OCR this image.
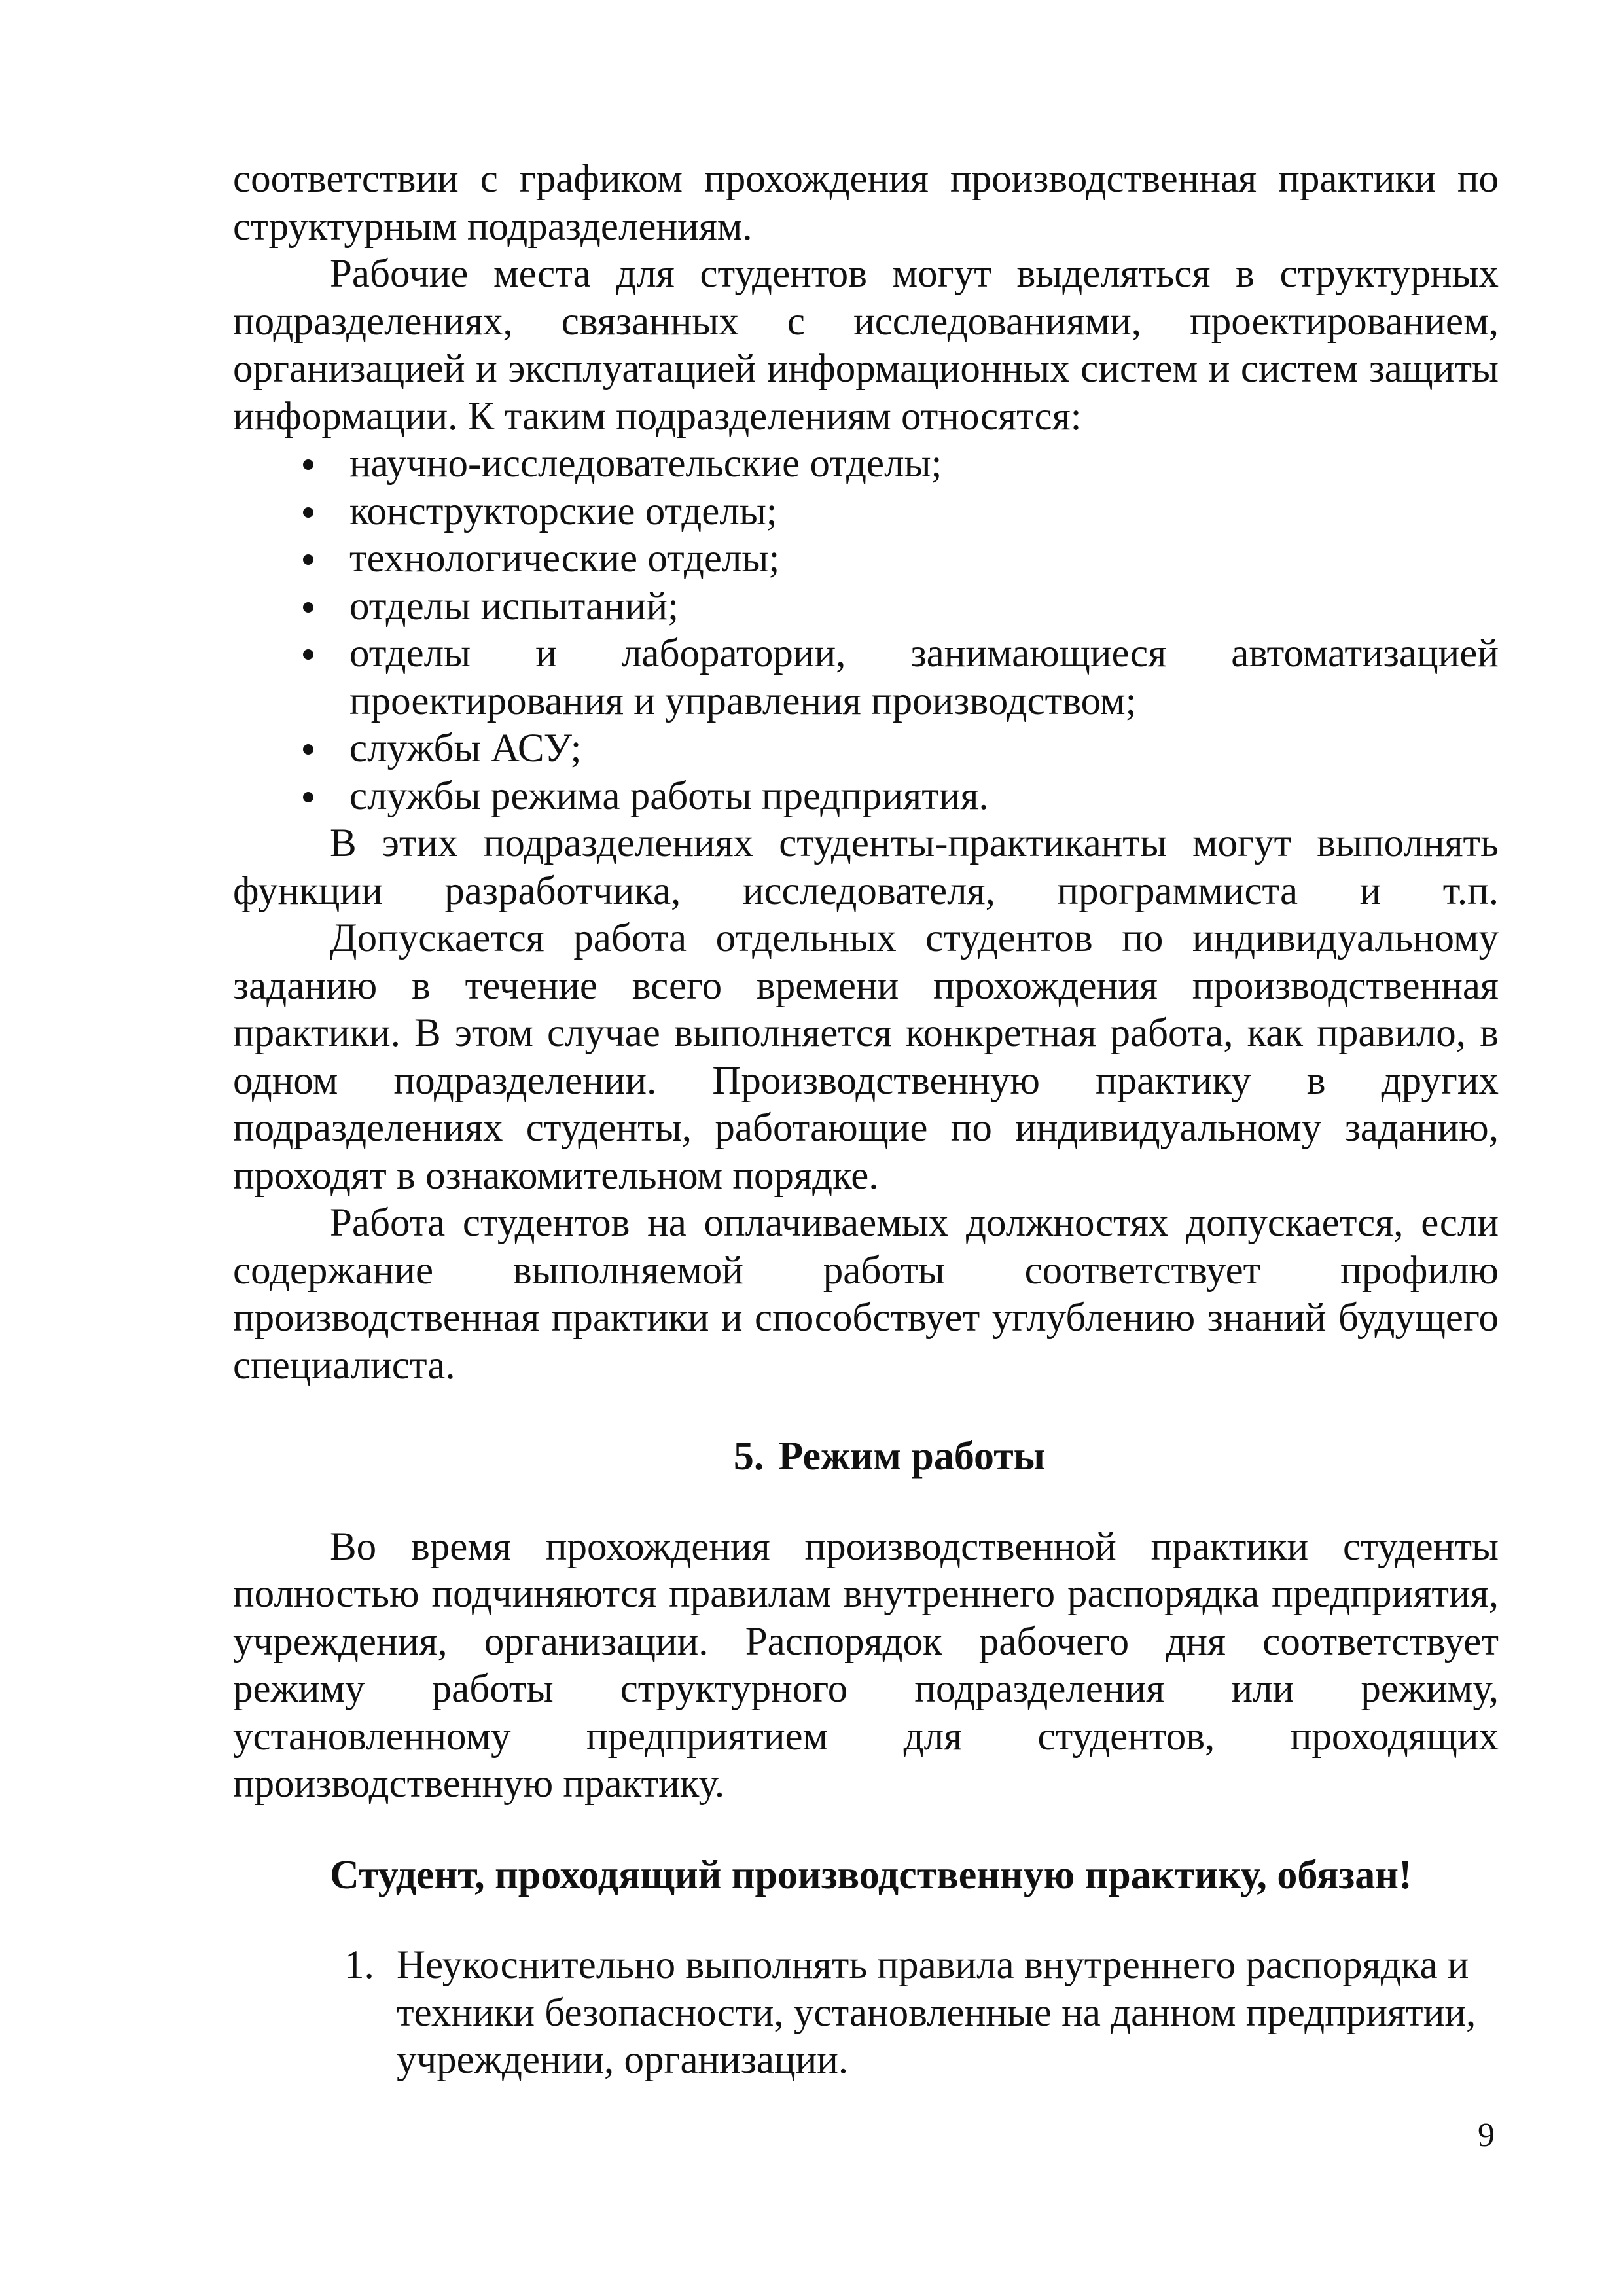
соответствии с графиком прохождения производственная практики по структурным подразделениям.

Рабочие места для студентов могут выделяться в структурных подразделениях, связанных с исследованиями, проектированием, организацией и эксплуатацией информационных систем и систем защиты информации. К таким подразделениям относятся:

научно-исследовательские отделы;
конструкторские отделы;
технологические отделы;
отделы испытаний;
отделы и лаборатории, занимающиеся автоматизацией проектирования и управления производством;
службы АСУ;
службы режима работы предприятия.

В этих подразделениях студенты-практиканты могут выполнять функции разработчика, исследователя, программиста и т.п.

Допускается работа отдельных студентов по индивидуальному заданию в течение всего времени прохождения производственная практики. В этом случае выполняется конкретная работа, как правило, в одном подразделении. Производственную практику в других подразделениях студенты, работающие по индивидуальному заданию, проходят в ознакомительном порядке.

Работа студентов на оплачиваемых должностях допускается, если содержание выполняемой работы соответствует профилю производственная практики и способствует углублению знаний будущего специалиста.

5. Режим работы

Во время прохождения производственной практики студенты полностью подчиняются правилам внутреннего распорядка предприятия, учреждения, организации. Распорядок рабочего дня соответствует режиму работы структурного подразделения или режиму, установленному предприятием для студентов, проходящих производственную практику.

Студент, проходящий производственную практику, обязан!

1. Неукоснительно выполнять правила внутреннего распорядка и техники безопасности, установленные на данном предприятии, учреждении, организации.
9
